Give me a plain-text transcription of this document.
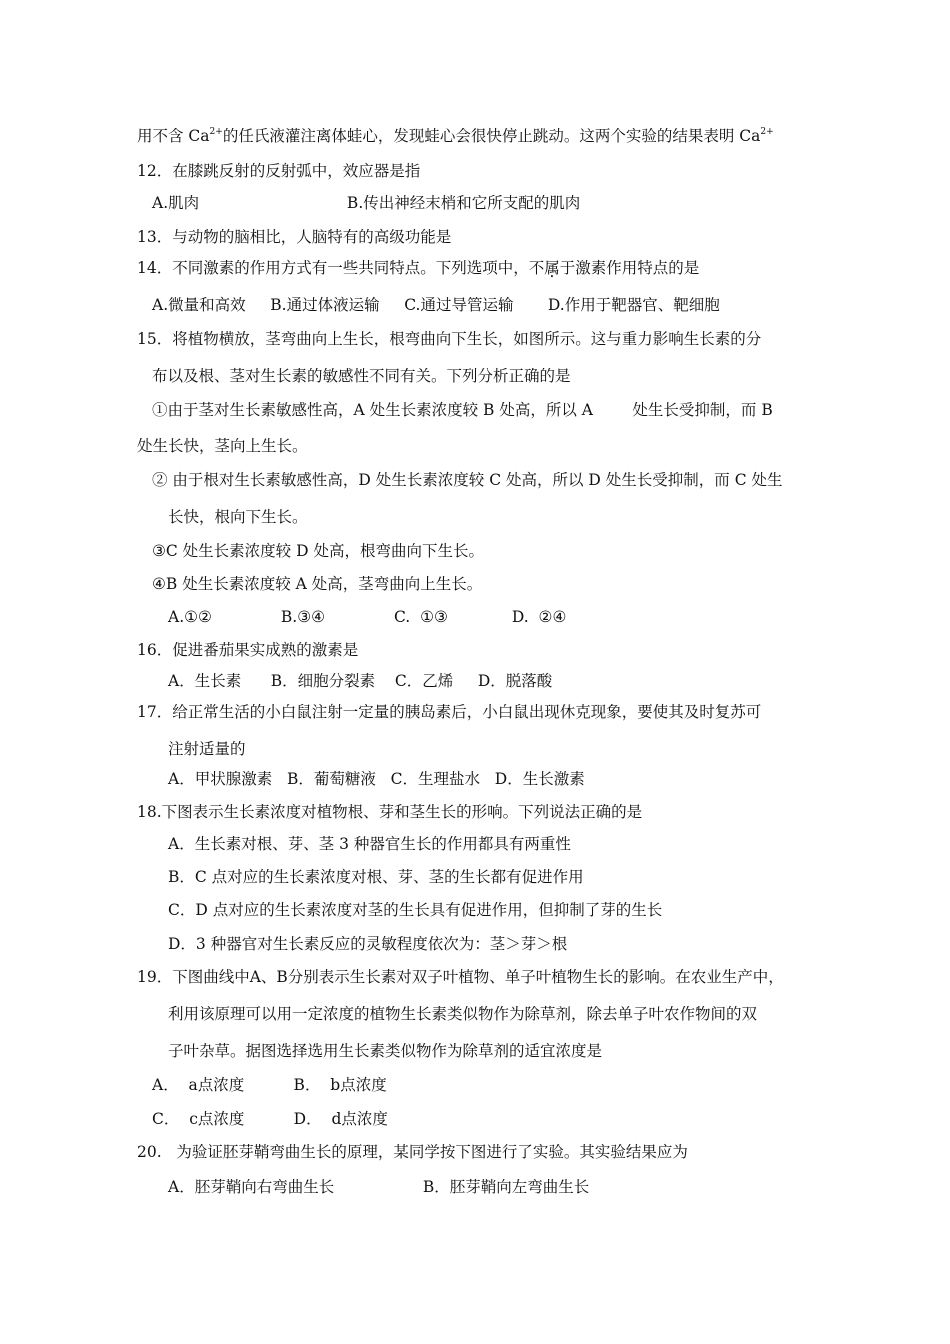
用不含 $Ca^{2+}$的任氏液灌注离体蛙心，发现蛙心会很快停止跳动。这两个实验的结果表明 $Ca^{2+}$
12．在膝跳反射的反射弧中，效应器是指
A.肌肉                              B.传出神经末梢和它所支配的肌肉
13．与动物的脑相比，人脑特有的高级功能是
14．不同激素的作用方式有一些共同特点。下列选项中，不属于激素作用特点的是
A.微量和高效     B.通过体液运输     C.通过导管运输       D.作用于靶器官、靶细胞
15．将植物横放，茎弯曲向上生长，根弯曲向下生长，如图所示。这与重力影响生长素的分
布以及根、茎对生长素的敏感性不同有关。下列分析正确的是
①由于茎对生长素敏感性高，A 处生长素浓度较 B 处高，所以 A        处生长受抑制，而 B
处生长快，茎向上生长。
② 由于根对生长素敏感性高，D 处生长素浓度较 C 处高，所以 D 处生长受抑制，而 C 处生
长快，根向下生长。
③C 处生长素浓度较 D 处高，根弯曲向下生长。
④B 处生长素浓度较 A 处高，茎弯曲向上生长。
A.①②              B.③④              C.  ①③             D.  ②④
16．促进番茄果实成熟的激素是
A．生长素      B．细胞分裂素    C．乙烯     D．脱落酸
17．给正常生活的小白鼠注射一定量的胰岛素后，小白鼠出现休克现象，要使其及时复苏可
注射适量的
A．甲状腺激素   B．葡萄糖液   C．生理盐水   D．生长激素
18.下图表示生长素浓度对植物根、芽和茎生长的形响。下列说法正确的是
A．生长素对根、芽、茎 3 种器官生长的作用都具有两重性
B．C 点对应的生长素浓度对根、芽、茎的生长都有促进作用
C．D 点对应的生长素浓度对茎的生长具有促进作用，但抑制了芽的生长
D．3 种器官对生长素反应的灵敏程度依次为：茎＞芽＞根
19．下图曲线中A、B分别表示生长素对双子叶植物、单子叶植物生长的影响。在农业生产中，
利用该原理可以用一定浓度的植物生长素类似物作为除草剂，除去单子叶农作物间的双
子叶杂草。据图选择选用生长素类似物作为除草剂的适宜浓度是
A．  a点浓度          B．  b点浓度
C．  c点浓度          D．  d点浓度
20.   为验证胚芽鞘弯曲生长的原理，某同学按下图进行了实验。其实验结果应为
A．胚芽鞘向右弯曲生长                  B．胚芽鞘向左弯曲生长
